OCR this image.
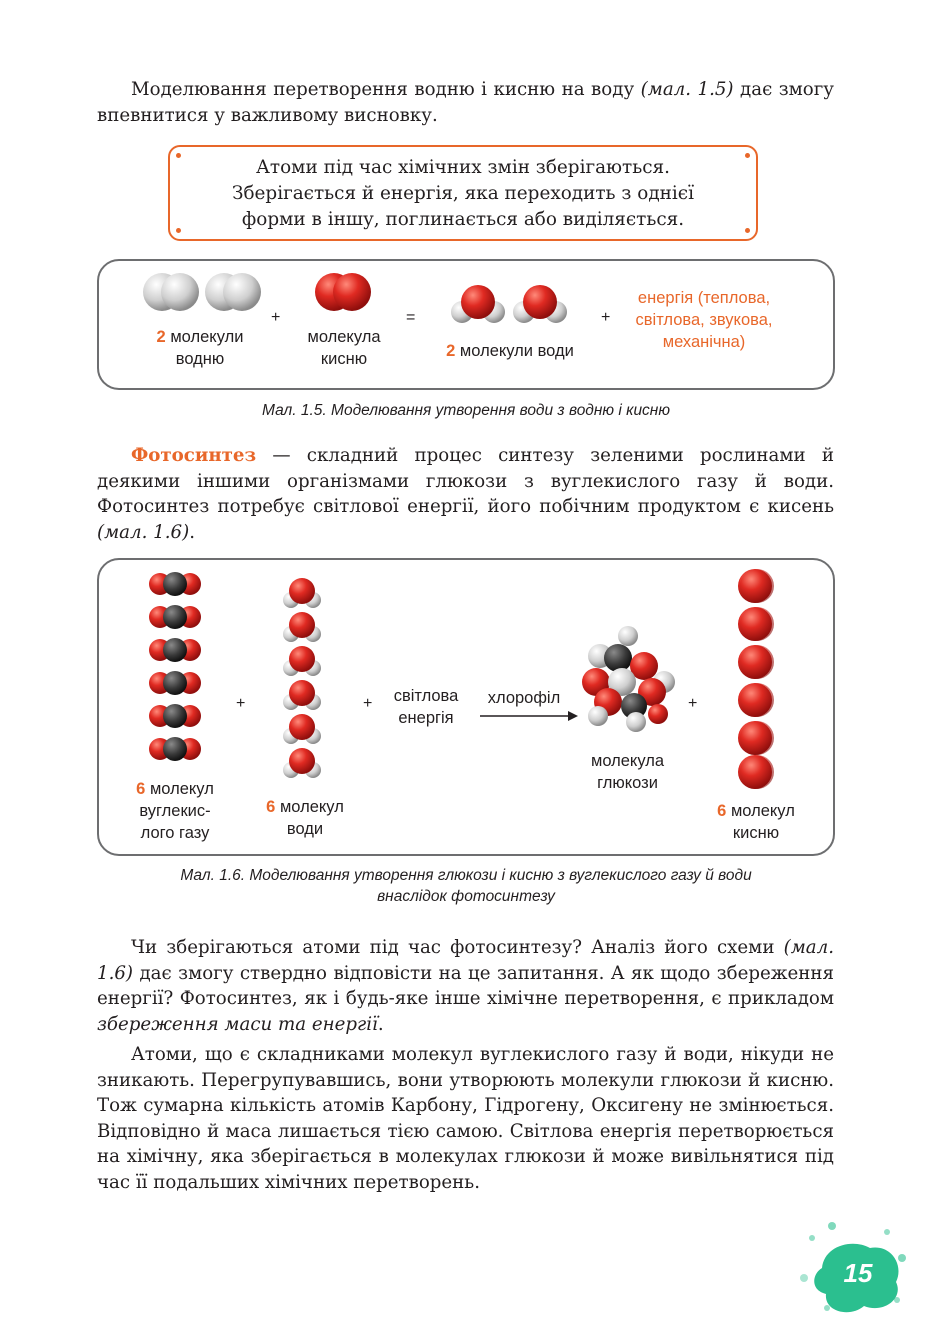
Моделювання перетворення водню і кисню на воду (мал. 1.5) дає змогу впевнитися у важливому висновку.

Атоми під час хімічних змін зберігаються.
Зберігається й енергія, яка переходить з однієї
форми в іншу, поглинається або виділяється.
2 молекули
водню
+
молекула
кисню
=
2 молекули води
+
енергія (теплова,
світлова, звукова,
механічна)
Мал. 1.5. Моделювання утворення води з водню і кисню

Фотосинтез — складний процес синтезу зеленими рослинами й деякими іншими організмами глюкози з вуглекислого газу й води. Фотосинтез потребує світлової енергії, його побічним продуктом є кисень (мал. 1.6).

6 молекул
вуглекис-
лого газу
+
6 молекул
води
+	світлова
енергія
хлорофіл
молекула
глюкози
+
6 молекул
кисню
Мал. 1.6. Моделювання утворення глюкози і кисню з вуглекислого газу й води
внаслідок фотосинтезу

Чи зберігаються атоми під час фотосинтезу? Аналіз його схеми (мал. 1.6) дає змогу ствердно відповісти на це запитання. А як щодо збереження енергії? Фотосинтез, як і будь-яке інше хімічне перетворення, є прикладом збереження маси та енергії.

Атоми, що є складниками молекул вуглекислого газу й води, нікуди не зникають. Перегрупувавшись, вони утворюють молекули глюкози й кисню. Тож сумарна кількість атомів Карбону, Гідрогену, Оксигену не змінюється. Відповідно й маса лишається тією самою. Світлова енергія перетворюється на хімічну, яка зберігається в молекулах глюкози й може вивільнятися під час її подальших хімічних перетворень.

15
